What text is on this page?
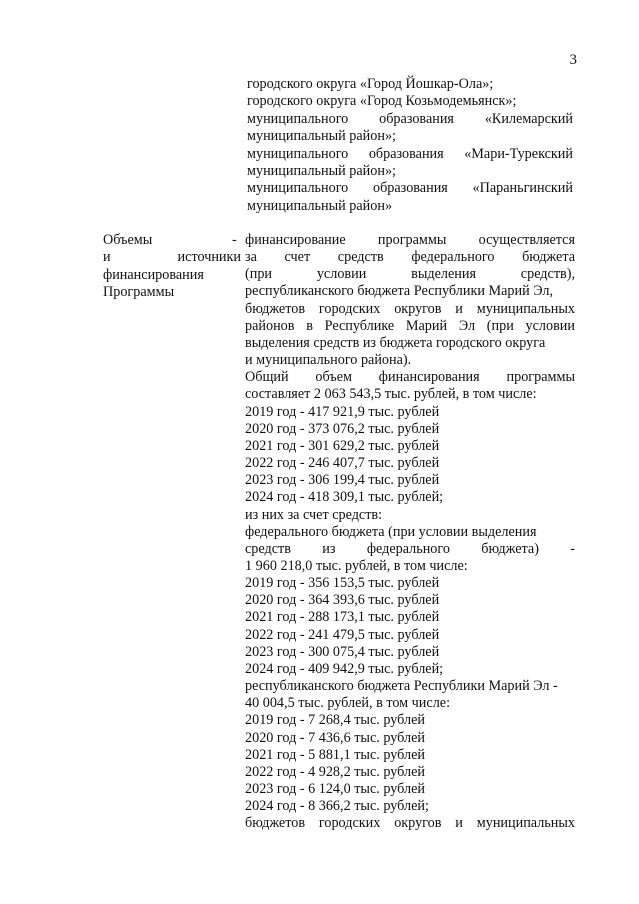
3
городского округа «Город Йошкар-Ола»;
городского округа «Город Козьмодемьянск»;
муниципального образования «Килемарский
муниципальный район»;
муниципального образования «Мари-Турекский
муниципальный район»;
муниципального образования «Параньгинский
муниципальный район»
Объемы
и источники
финансирования
Программы
- финансирование программы осуществляется
за счет средств федерального бюджета
(при условии выделения средств),
республиканского бюджета Республики Марий Эл,
бюджетов городских округов и муниципальных
районов в Республике Марий Эл (при условии
выделения средств из бюджета городского округа
и муниципального района).
Общий объем финансирования программы
составляет 2 063 543,5 тыс. рублей, в том числе:
2019 год - 417 921,9 тыс. рублей
2020 год - 373 076,2 тыс. рублей
2021 год - 301 629,2 тыс. рублей
2022 год - 246 407,7 тыс. рублей
2023 год - 306 199,4 тыс. рублей
2024 год - 418 309,1 тыс. рублей;
из них за счет средств:
федерального бюджета (при условии выделения
средств из федерального бюджета) -
1 960 218,0 тыс. рублей, в том числе:
2019 год - 356 153,5 тыс. рублей
2020 год - 364 393,6 тыс. рублей
2021 год - 288 173,1 тыс. рублей
2022 год - 241 479,5 тыс. рублей
2023 год - 300 075,4 тыс. рублей
2024 год - 409 942,9 тыс. рублей;
республиканского бюджета Республики Марий Эл -
40 004,5 тыс. рублей, в том числе:
2019 год - 7 268,4 тыс. рублей
2020 год - 7 436,6 тыс. рублей
2021 год - 5 881,1 тыс. рублей
2022 год - 4 928,2 тыс. рублей
2023 год - 6 124,0 тыс. рублей
2024 год - 8 366,2 тыс. рублей;
бюджетов городских округов и муниципальных
